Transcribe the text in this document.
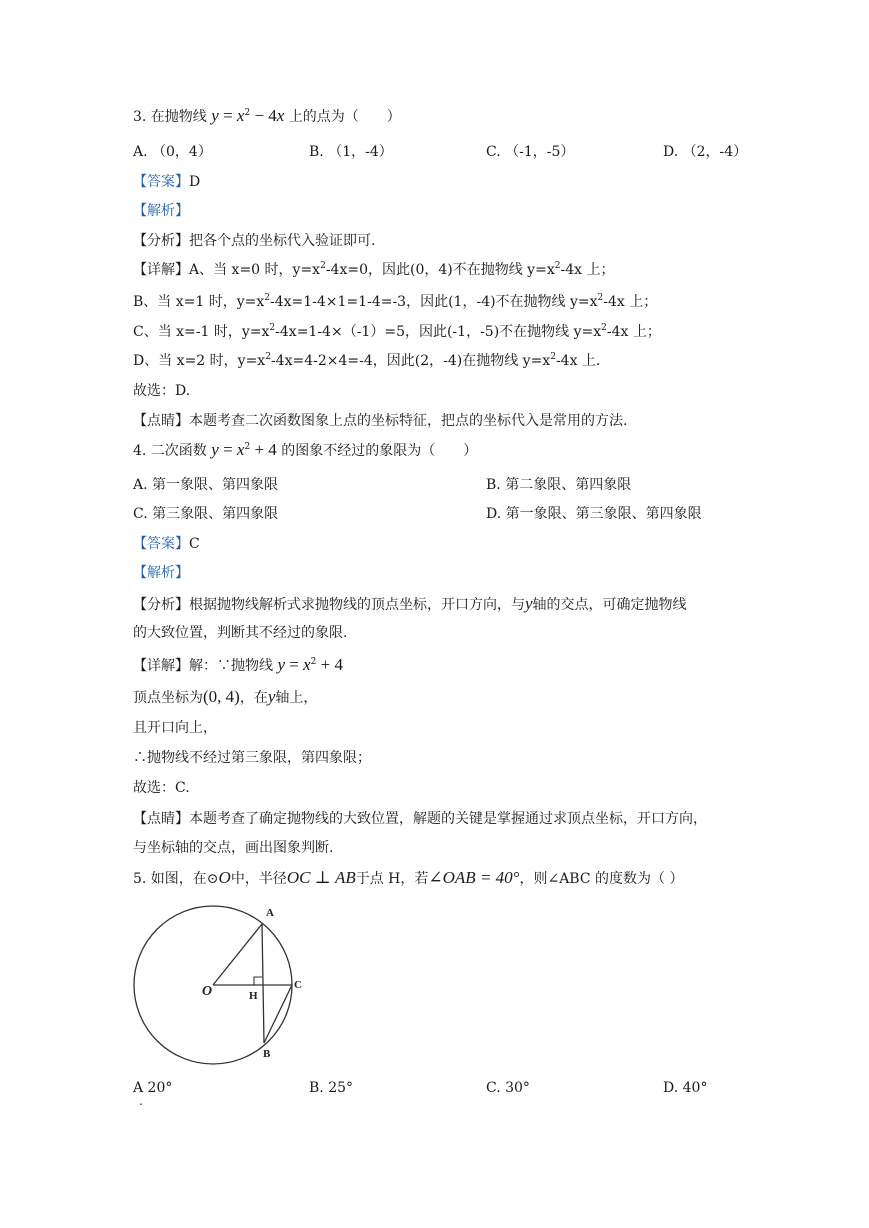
3. 在抛物线 $y = x^2 - 4x$ 上的点为（　　）
A. （0，4）	B. （1，-4）	C. （-1，-5）	D. （2，-4）
【答案】D
【解析】
【分析】把各个点的坐标代入验证即可.
【详解】A、当 x=0 时，$y=x^2-4x=0$，因此(0，4)不在抛物线 $y=x^2-4x$ 上；
B、当 x=1 时，$y=x^2-4x=1-4\times 1=1-4=-3$，因此(1，-4)不在抛物线 $y=x^2-4x$ 上；
C、当 x=-1 时，$y=x^2-4x=1-4\times(-1)=5$，因此(-1，-5)不在抛物线 $y=x^2-4x$ 上；
D、当 x=2 时，$y=x^2-4x=4-2\times 4=-4$，因此(2，-4)在抛物线 $y=x^2-4x$ 上.
故选：D.
【点睛】本题考查二次函数图象上点的坐标特征，把点的坐标代入是常用的方法.
4. 二次函数 $y = x^2 + 4$ 的图象不经过的象限为（　　）
A. 第一象限、第四象限	B. 第二象限、第四象限
C. 第三象限、第四象限	D. 第一象限、第三象限、第四象限
【答案】C
【解析】
【分析】根据抛物线解析式求抛物线的顶点坐标，开口方向，与y轴的交点，可确定抛物线
的大致位置，判断其不经过的象限.
【详解】解：∵抛物线 $y = x^2 + 4$
顶点坐标为(0, 4)，在y轴上，
且开口向上，
∴抛物线不经过第三象限，第四象限；
故选：C.
【点睛】本题考查了确定抛物线的大致位置，解题的关键是掌握通过求顶点坐标，开口方向，
与坐标轴的交点，画出图象判断.
5. 如图，在⊙O中，半径OC ⊥ AB于点 H，若∠OAB = 40°，则∠ABC 的度数为（ ）
A
B
C
O	H
A 20°	B. 25°	C. 30°	D. 40°
.
